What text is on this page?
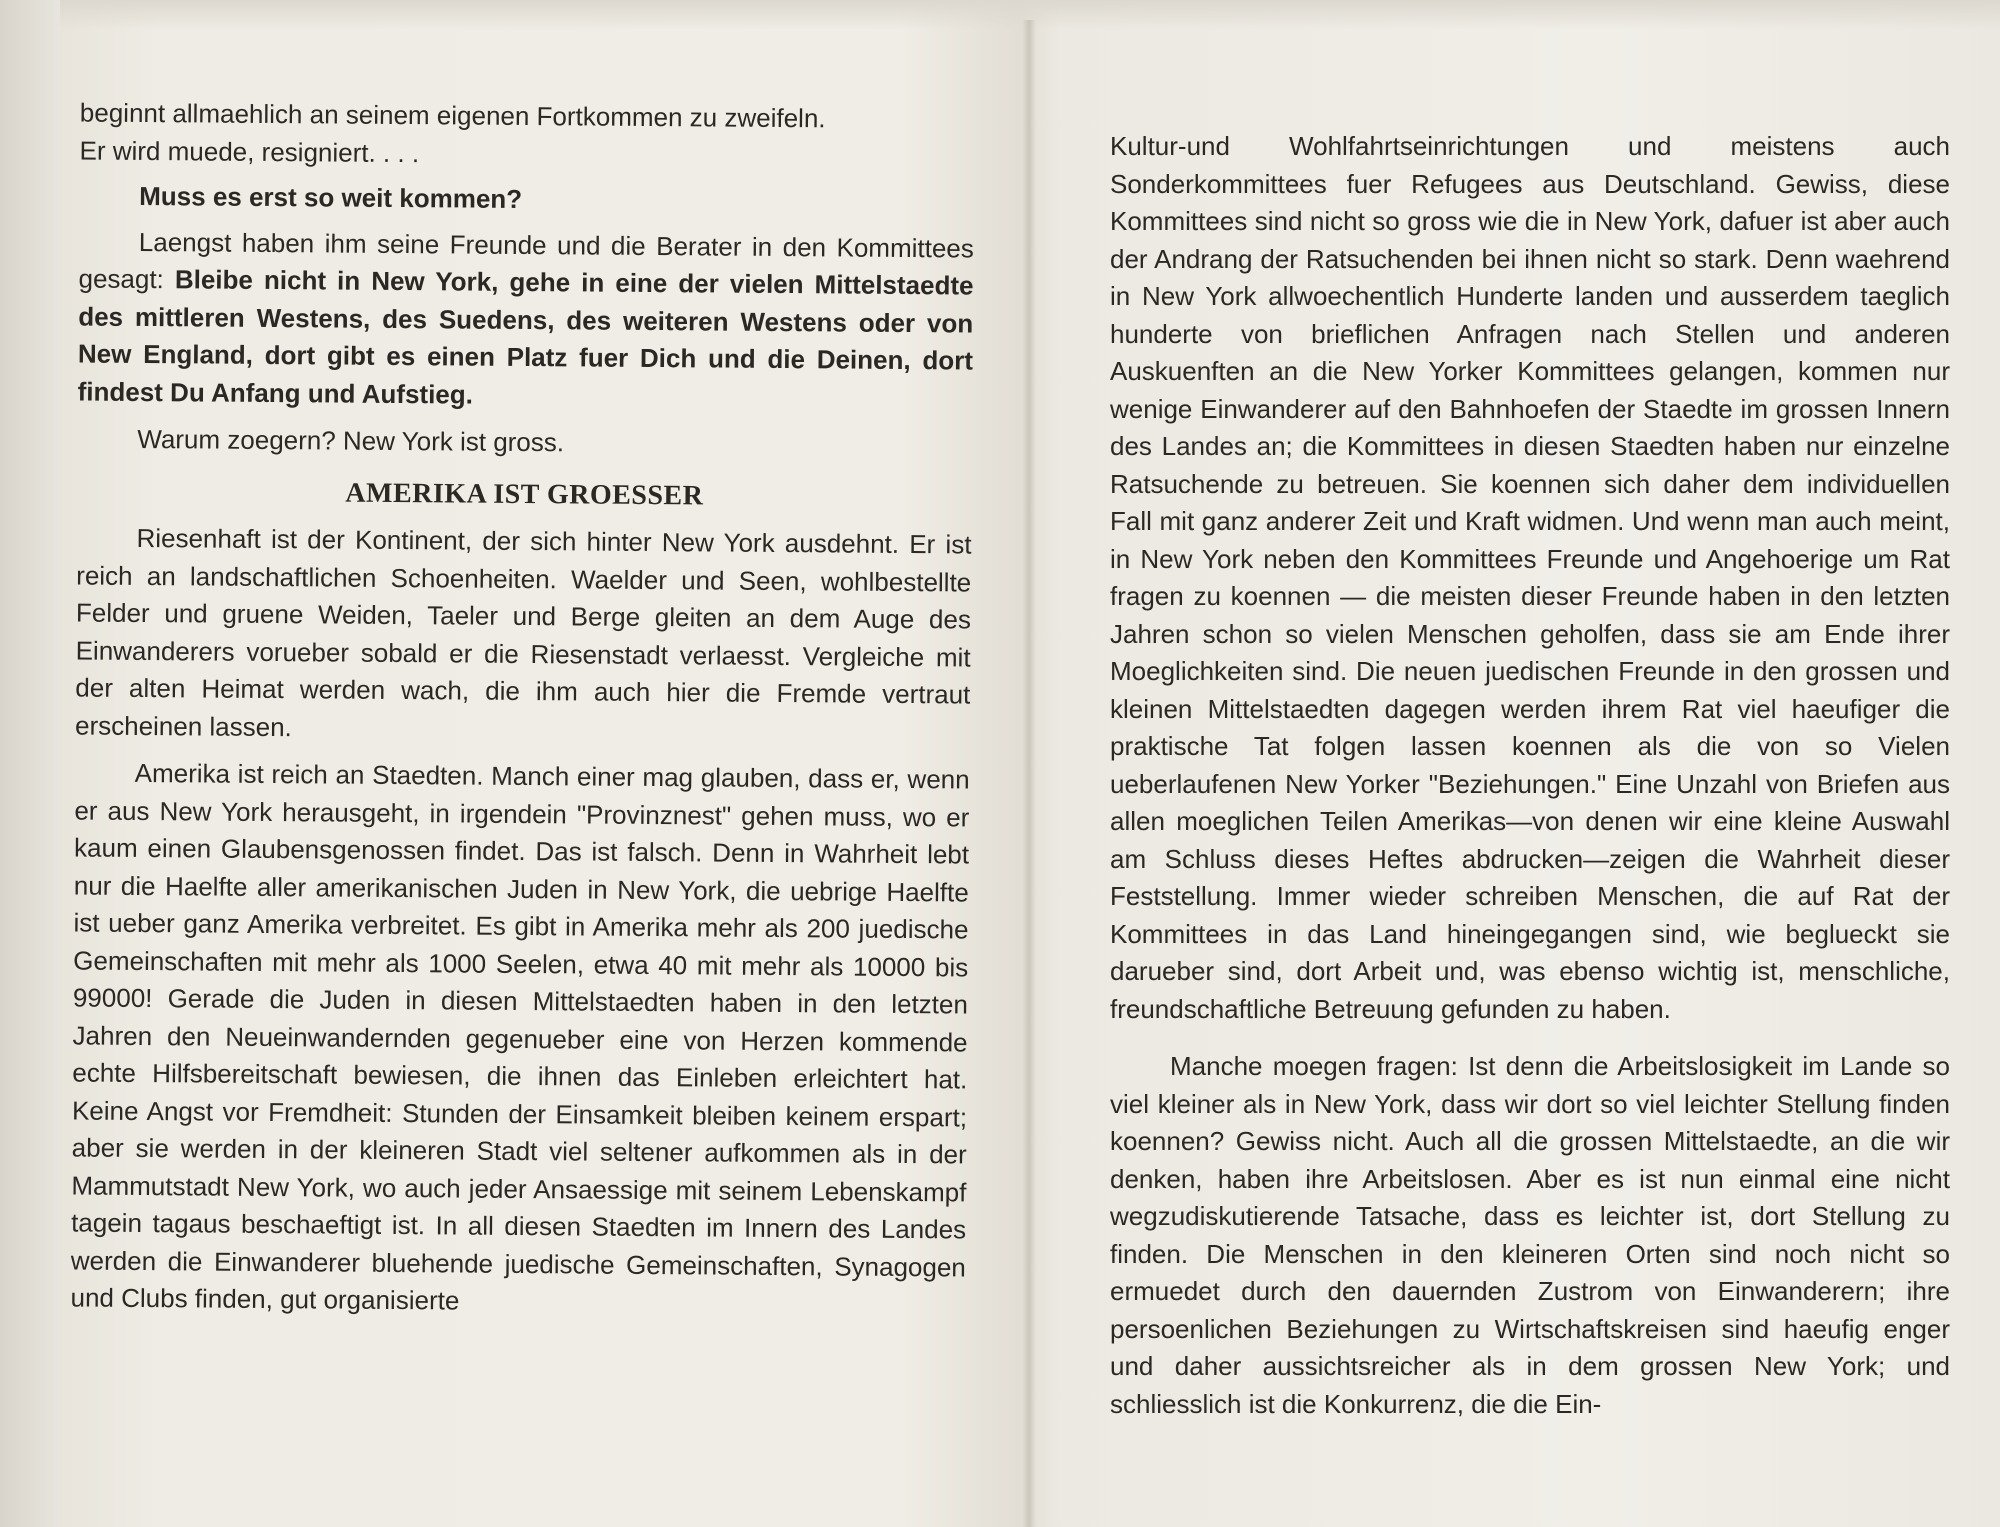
beginnt allmaehlich an seinem eigenen Fortkommen zu zweifeln.

Er wird muede, resigniert. . . .

Muss es erst so weit kommen?

Laengst haben ihm seine Freunde und die Berater in den Kommittees gesagt: Bleibe nicht in New York, gehe in eine der vielen Mittelstaedte des mittleren Westens, des Suedens, des weiteren Westens oder von New England, dort gibt es einen Platz fuer Dich und die Deinen, dort findest Du Anfang und Aufstieg.

Warum zoegern? New York ist gross.

AMERIKA IST GROESSER

Riesenhaft ist der Kontinent, der sich hinter New York ausdehnt. Er ist reich an landschaftlichen Schoenheiten. Waelder und Seen, wohlbestellte Felder und gruene Weiden, Taeler und Berge gleiten an dem Auge des Einwanderers vorueber sobald er die Riesenstadt verlaesst. Vergleiche mit der alten Heimat werden wach, die ihm auch hier die Fremde vertraut erscheinen lassen.

Amerika ist reich an Staedten. Manch einer mag glauben, dass er, wenn er aus New York herausgeht, in irgendein "Provinznest" gehen muss, wo er kaum einen Glaubensgenossen findet. Das ist falsch. Denn in Wahrheit lebt nur die Haelfte aller amerikanischen Juden in New York, die uebrige Haelfte ist ueber ganz Amerika verbreitet. Es gibt in Amerika mehr als 200 juedische Gemeinschaften mit mehr als 1000 Seelen, etwa 40 mit mehr als 10000 bis 99000! Gerade die Juden in diesen Mittelstaedten haben in den letzten Jahren den Neueinwandernden gegenueber eine von Herzen kommende echte Hilfsbereitschaft bewiesen, die ihnen das Einleben erleichtert hat. Keine Angst vor Fremdheit: Stunden der Einsamkeit bleiben keinem erspart; aber sie werden in der kleineren Stadt viel seltener aufkommen als in der Mammutstadt New York, wo auch jeder Ansaessige mit seinem Lebenskampf tagein tagaus beschaeftigt ist. In all diesen Staedten im Innern des Landes werden die Einwanderer bluehende juedische Gemeinschaften, Synagogen und Clubs finden, gut organisierte

Kultur-und Wohlfahrtseinrichtungen und meistens auch Sonderkommittees fuer Refugees aus Deutschland. Gewiss, diese Kommittees sind nicht so gross wie die in New York, dafuer ist aber auch der Andrang der Ratsuchenden bei ihnen nicht so stark. Denn waehrend in New York allwoechentlich Hunderte landen und ausserdem taeglich hunderte von brieflichen Anfragen nach Stellen und anderen Auskuenften an die New Yorker Kommittees gelangen, kommen nur wenige Einwanderer auf den Bahnhoefen der Staedte im grossen Innern des Landes an; die Kommittees in diesen Staedten haben nur einzelne Ratsuchende zu betreuen. Sie koennen sich daher dem individuellen Fall mit ganz anderer Zeit und Kraft widmen. Und wenn man auch meint, in New York neben den Kommittees Freunde und Angehoerige um Rat fragen zu koennen — die meisten dieser Freunde haben in den letzten Jahren schon so vielen Menschen geholfen, dass sie am Ende ihrer Moeglichkeiten sind. Die neuen juedischen Freunde in den grossen und kleinen Mittelstaedten dagegen werden ihrem Rat viel haeufiger die praktische Tat folgen lassen koennen als die von so Vielen ueberlaufenen New Yorker "Beziehungen." Eine Unzahl von Briefen aus allen moeglichen Teilen Amerikas—von denen wir eine kleine Auswahl am Schluss dieses Heftes abdrucken—zeigen die Wahrheit dieser Feststellung. Immer wieder schreiben Menschen, die auf Rat der Kommittees in das Land hineingegangen sind, wie beglueckt sie darueber sind, dort Arbeit und, was ebenso wichtig ist, menschliche, freundschaftliche Betreuung gefunden zu haben.

Manche moegen fragen: Ist denn die Arbeitslosigkeit im Lande so viel kleiner als in New York, dass wir dort so viel leichter Stellung finden koennen? Gewiss nicht. Auch all die grossen Mittelstaedte, an die wir denken, haben ihre Arbeitslosen. Aber es ist nun einmal eine nicht wegzudiskutierende Tatsache, dass es leichter ist, dort Stellung zu finden. Die Menschen in den kleineren Orten sind noch nicht so ermuedet durch den dauernden Zustrom von Einwanderern; ihre persoenlichen Beziehungen zu Wirtschaftskreisen sind haeufig enger und daher aussichtsreicher als in dem grossen New York; und schliesslich ist die Konkurrenz, die die Ein-
